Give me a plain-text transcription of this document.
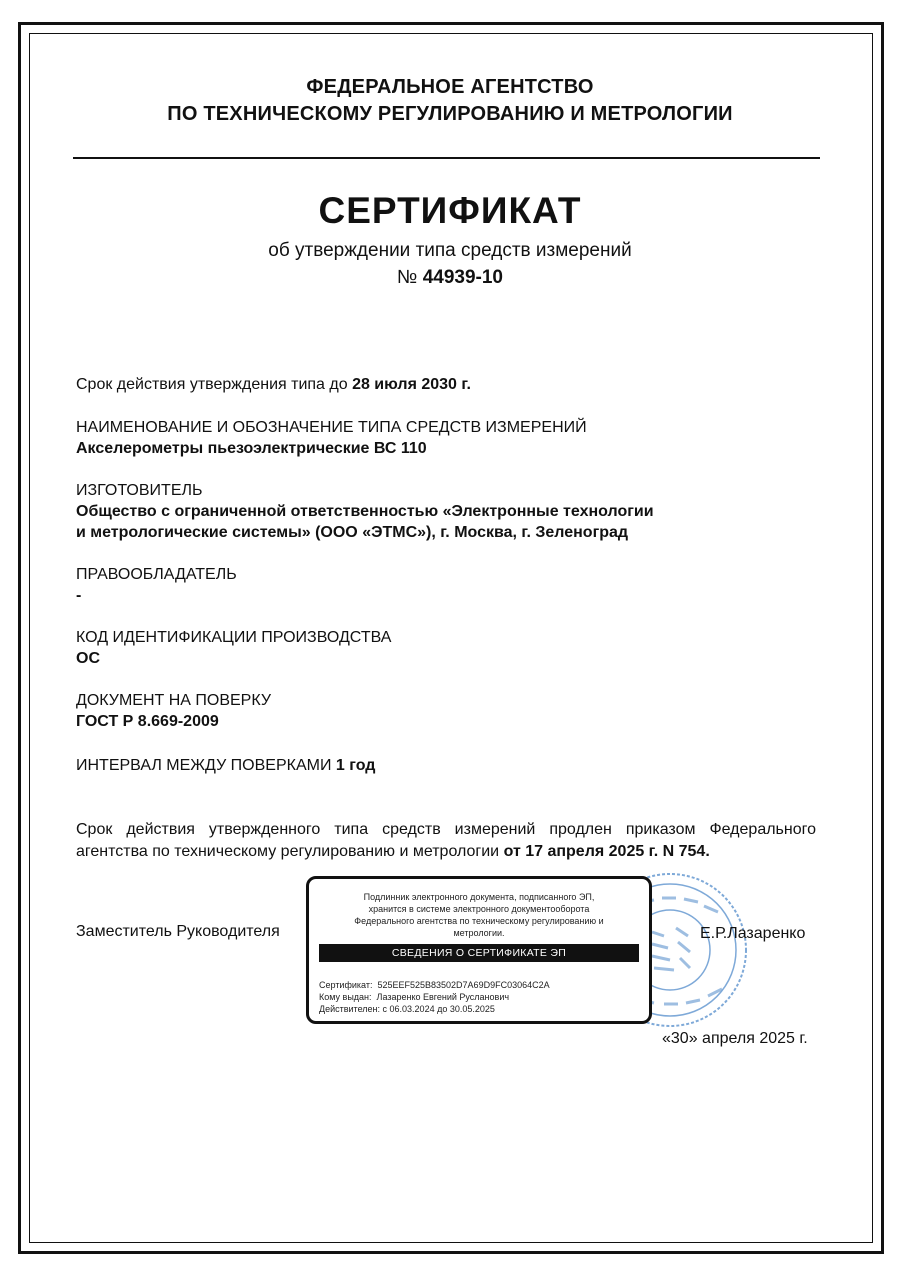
ФЕДЕРАЛЬНОЕ АГЕНТСТВО
ПО ТЕХНИЧЕСКОМУ РЕГУЛИРОВАНИЮ И МЕТРОЛОГИИ
СЕРТИФИКАТ
об утверждении типа средств измерений
№ 44939-10
Срок действия утверждения типа до 28 июля 2030 г.
НАИМЕНОВАНИЕ И ОБОЗНАЧЕНИЕ ТИПА СРЕДСТВ ИЗМЕРЕНИЙ
Акселерометры пьезоэлектрические ВС 110
ИЗГОТОВИТЕЛЬ
Общество с ограниченной ответственностью «Электронные технологии
и метрологические системы» (ООО «ЭТМС»), г. Москва, г. Зеленоград
ПРАВООБЛАДАТЕЛЬ
-
КОД ИДЕНТИФИКАЦИИ ПРОИЗВОДСТВА
ОС
ДОКУМЕНТ НА ПОВЕРКУ
ГОСТ Р 8.669-2009
ИНТЕРВАЛ МЕЖДУ ПОВЕРКАМИ 1 год
Срок действия утвержденного типа средств измерений продлен приказом Федерального
агентства по техническому регулированию и метрологии от 17 апреля 2025 г. N 754.
Заместитель Руководителя
Подлинник электронного документа, подписанного ЭП,
хранится в системе электронного документооборота
Федерального агентства по техническому регулированию и
метрологии.
СВЕДЕНИЯ О СЕРТИФИКАТЕ ЭП
Сертификат: 525EEF525B83502D7A69D9FC03064C2A
Кому выдан: Лазаренко Евгений Русланович
Действителен: с 06.03.2024 до 30.05.2025
Е.Р.Лазаренко
«30» апреля 2025 г.
